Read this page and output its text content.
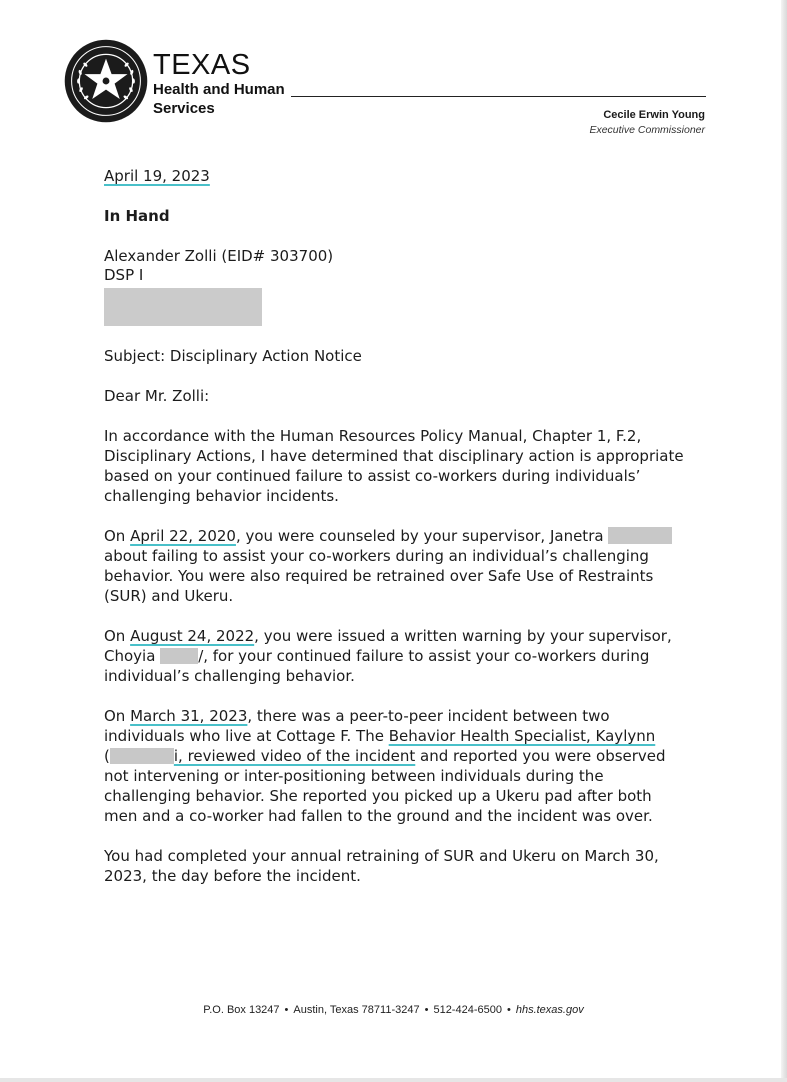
TEXAS
Health and Human
Services	Cecile Erwin Young
Executive Commissioner
April 19, 2023
In Hand
Alexander Zolli (EID# 303700)
DSP I
Subject: Disciplinary Action Notice
Dear Mr. Zolli:
In accordance with the Human Resources Policy Manual, Chapter 1, F.2,
Disciplinary Actions, I have determined that disciplinary action is appropriate
based on your continued failure to assist co-workers during individuals’
challenging behavior incidents.
On April 22, 2020, you were counseled by your supervisor, Janetra
about failing to assist your co-workers during an individual’s challenging
behavior. You were also required be retrained over Safe Use of Restraints
(SUR) and Ukeru.
On August 24, 2022, you were issued a written warning by your supervisor,
Choyia	/, for your continued failure to assist your co-workers during
individual’s challenging behavior.
On March 31, 2023, there was a peer-to-peer incident between two
individuals who live at Cottage F. The Behavior Health Specialist, Kaylynn
(	i, reviewed video of the incident and reported you were observed
not intervening or inter-positioning between individuals during the
challenging behavior. She reported you picked up a Ukeru pad after both
men and a co-worker had fallen to the ground and the incident was over.
You had completed your annual retraining of SUR and Ukeru on March 30,
2023, the day before the incident.
P.O. Box 13247 • Austin, Texas 78711-3247 • 512-424-6500 • hhs.texas.gov
